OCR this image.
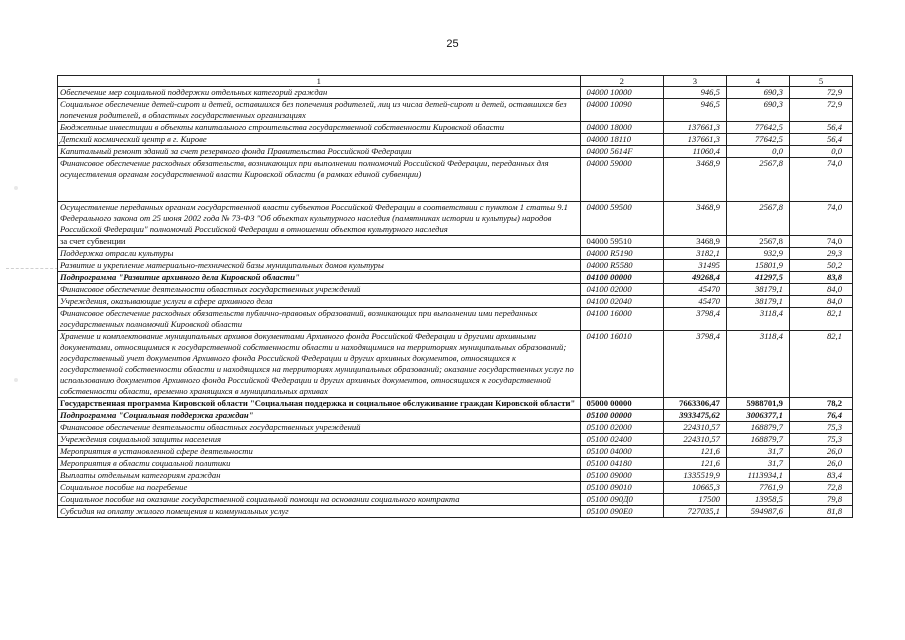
25
1	2	3	4	5
Обеспечение мер социальной поддержки отдельных категорий граждан	04000 10000	946,5	690,3	72,9
Социальное обеспечение детей-сирот и детей, оставшихся без попечения родителей, лиц из числа детей-сирот и детей, оставшихся без попечения родителей, в областных государственных организациях	04000 10090	946,5	690,3	72,9
Бюджетные инвестиции в объекты капитального строительства государственной собственности Кировской области	04000 18000	137661,3	77642,5	56,4
Детский космический центр в г. Кирове	04000 18110	137661,3	77642,5	56,4
Капитальный ремонт зданий за счет резервного фонда Правительства Российской Федерации	04000 5614F	11060,4	0,0	0,0
Финансовое обеспечение расходных обязательств, возникающих при выполнении полномочий Российской Федерации, переданных для осуществления органам государственной власти Кировской области (в рамках единой субвенции)	04000 59000	3468,9	2567,8	74,0
Осуществление переданных органам государственной власти субъектов Российской Федерации в соответствии с пунктом 1 статьи 9.1 Федерального закона от 25 июня 2002 года № 73-ФЗ "Об объектах культурного наследия (памятниках истории и культуры) народов Российской Федерации" полномочий Российской Федерации в отношении объектов культурного наследия	04000 59500	3468,9	2567,8	74,0
за счет субвенции	04000 59510	3468,9	2567,8	74,0
Поддержка отрасли культуры	04000 R5190	3182,1	932,9	29,3
Развитие и укрепление материально-технической базы муниципальных домов культуры	04000 R5580	31495	15801,9	50,2
Подпрограмма "Развитие архивного дела Кировской области"	04100 00000	49268,4	41297,5	83,8
Финансовое обеспечение деятельности областных государственных учреждений	04100 02000	45470	38179,1	84,0
Учреждения, оказывающие услуги в сфере архивного дела	04100 02040	45470	38179,1	84,0
Финансовое обеспечение расходных обязательств публично-правовых образований, возникающих при выполнении ими переданных государственных полномочий Кировской области	04100 16000	3798,4	3118,4	82,1
Хранение и комплектование муниципальных архивов документами Архивного фонда Российской Федерации и другими архивными документами, относящимися к государственной собственности области и находящимися на территориях муниципальных образований; государственный учет документов Архивного фонда Российской Федерации и других архивных документов, относящихся к государственной собственности области и находящихся на территориях муниципальных образований; оказание государственных услуг по использованию документов Архивного фонда Российской Федерации и других архивных документов, относящихся к государственной собственности области, временно хранящихся в муниципальных архивах	04100 16010	3798,4	3118,4	82,1
Государственная программа Кировской области "Социальная поддержка и социальное обслуживание граждан Кировской области"	05000 00000	7663306,47	5988701,9	78,2
Подпрограмма "Социальная поддержка граждан"	05100 00000	3933475,62	3006377,1	76,4
Финансовое обеспечение деятельности областных государственных учреждений	05100 02000	224310,57	168879,7	75,3
Учреждения социальной защиты населения	05100 02400	224310,57	168879,7	75,3
Мероприятия в установленной сфере деятельности	05100 04000	121,6	31,7	26,0
Мероприятия в области социальной политики	05100 04180	121,6	31,7	26,0
Выплаты отдельным категориям граждан	05100 09000	1335519,9	1113934,1	83,4
Социальное пособие на погребение	05100 09010	10665,3	7761,9	72,8
Социальное пособие на оказание государственной социальной помощи на основании социального контракта	05100 090Д0	17500	13958,5	79,8
Субсидия на оплату жилого помещения и коммунальных услуг	05100 090Е0	727035,1	594987,6	81,8
